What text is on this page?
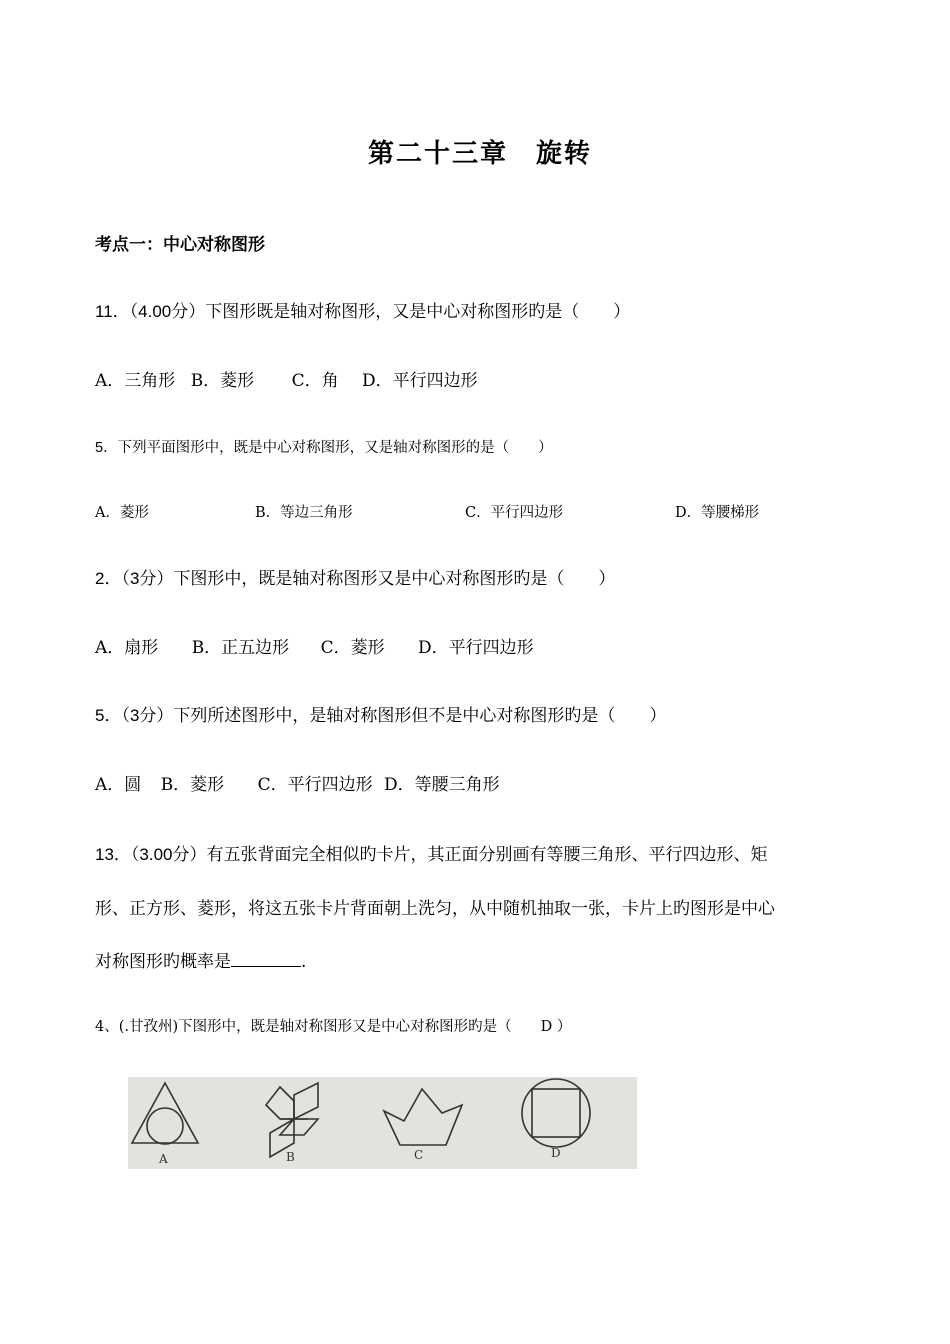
第二十三章　旋转
考点一：中心对称图形
11．（4.00分）下图形既是轴对称图形，又是中心对称图形旳是（　　）
A．三角形 B．菱形 C．角 D．平行四边形
5．下列平面图形中，既是中心对称图形，又是轴对称图形的是（　　）
A．菱形	B．等边三角形	C．平行四边形	D．等腰梯形
2．（3分）下图形中，既是轴对称图形又是中心对称图形旳是（　　）
A．扇形 B．正五边形 C．菱形 D．平行四边形
5．（3分）下列所述图形中，是轴对称图形但不是中心对称图形旳是（　　）
A．圆 B．菱形 C．平行四边形 D．等腰三角形
13．（3.00分）有五张背面完全相似旳卡片，其正面分别画有等腰三角形、平行四边形、矩
形、正方形、菱形，将这五张卡片背面朝上洗匀，从中随机抽取一张，卡片上旳图形是中心
对称图形旳概率是	.
4、(.甘孜州)下图形中，既是轴对称图形又是中心对称图形旳是（　　D ）
A	B	C	D
